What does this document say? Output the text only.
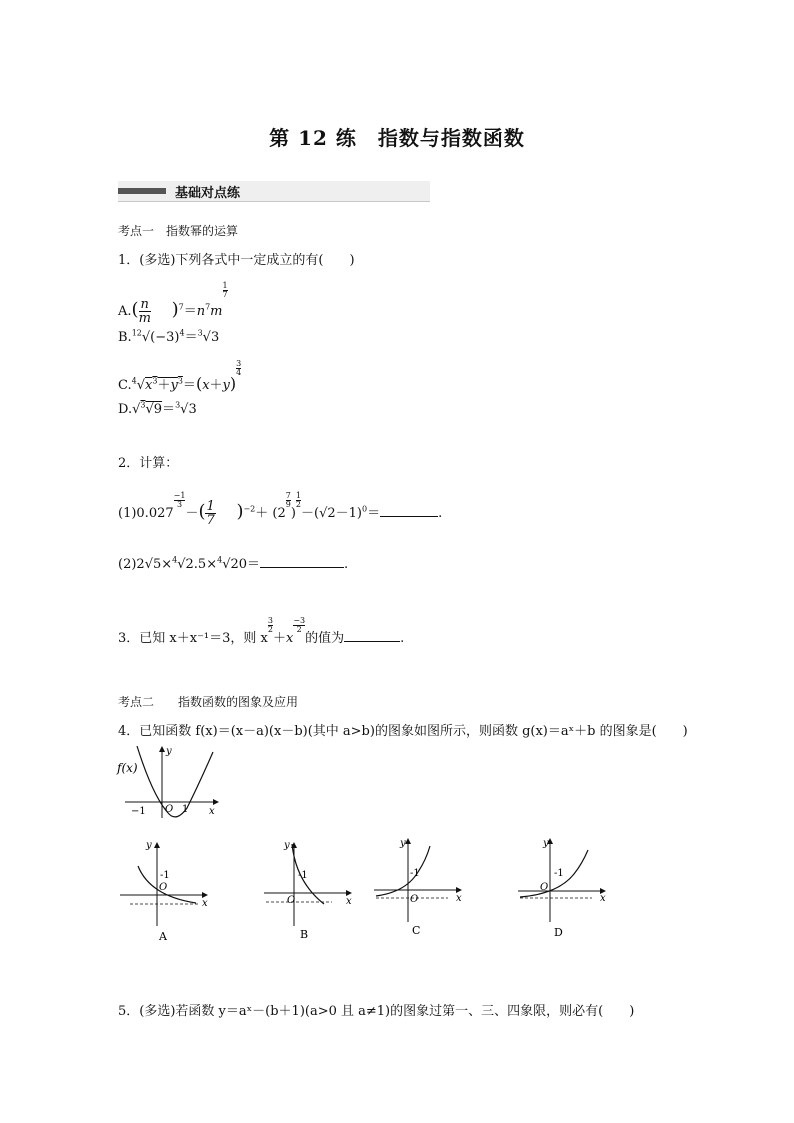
第 12 练　指数与指数函数
基础对点练
考点一　指数幂的运算
1．(多选)下列各式中一定成立的有(　　)
$A.( \frac{n}{m} )^7=n^7m$
$\frac{1}{7}$
$B.^{12}√(-3)^4=^3√3$
$C.^4√x^3+y^3=(x+y)$
$\frac{3}{4}$
D.√$^3$√9＝$^3$√3
2．计算：
(1)0.027
$\frac{-1}{3}$
－( $\frac{1}{7} )^{-2}+ (2$
$\frac{7}{9}$
)
$\frac{1}{2}$
$-(√2-1)^0=$	.
(2)2√5×$^4$√2.5×$^4$√20＝	.
3．已知 x＋x⁻¹＝3，则 x
$\frac{3}{2}$
＋x
$\frac{-3}{2}$
的值为	.
考点二　　指数函数的图象及应用
4．已知函数 f(x)＝(x－a)(x－b)(其中 a>b)的图象如图所示，则函数 g(x)＝aˣ＋b 的图象是(　　)
f(x)
y
x
−1 O 1
y
x
-1
O
A
y
x
-1
O
B
y
x
-1
O
C
y
x
-1
O
D
5．(多选)若函数 y＝aˣ－(b＋1)(a>0 且 a≠1)的图象过第一、三、四象限，则必有(　　)
